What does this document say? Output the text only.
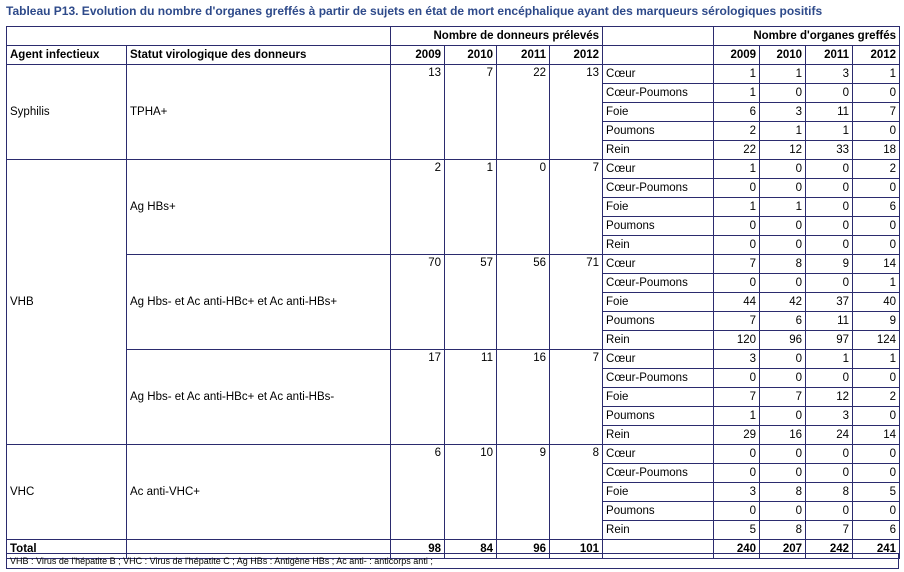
Tableau P13. Evolution du nombre d'organes greffés à partir de sujets en état de mort encéphalique ayant des marqueurs sérologiques positifs
		Nombre de donneurs prélevés					Nombre d'organes greffés			
Agent infectieux	Statut virologique des donneurs	2009	2010	2011	2012		2009	2010	2011	2012
Syphilis	TPHA+	13	7	22	13	Cœur	1	1	3	1
						Cœur-Poumons	1	0	0	0
						Foie	6	3	11	7
						Poumons	2	1	1	0
						Rein	22	12	33	18
VHB	Ag HBs+	2	1	0	7	Cœur	1	0	0	2
						Cœur-Poumons	0	0	0	0
						Foie	1	1	0	6
						Poumons	0	0	0	0
						Rein	0	0	0	0
	Ag Hbs- et Ac anti-HBc+ et Ac anti-HBs+	70	57	56	71	Cœur	7	8	9	14
						Cœur-Poumons	0	0	0	1
						Foie	44	42	37	40
						Poumons	7	6	11	9
						Rein	120	96	97	124
	Ag Hbs- et Ac anti-HBc+ et Ac anti-HBs-	17	11	16	7	Cœur	3	0	1	1
						Cœur-Poumons	0	0	0	0
						Foie	7	7	12	2
						Poumons	1	0	3	0
						Rein	29	16	24	14
VHC	Ac anti-VHC+	6	10	9	8	Cœur	0	0	0	0
						Cœur-Poumons	0	0	0	0
						Foie	3	8	8	5
						Poumons	0	0	0	0
						Rein	5	8	7	6
Total		98	84	96	101		240	207	242	241
VHB : Virus de l'hépatite B ; VHC : Virus de l'hépatite C ; Ag HBs : Antigène HBs ; Ac anti- : anticorps anti ;
